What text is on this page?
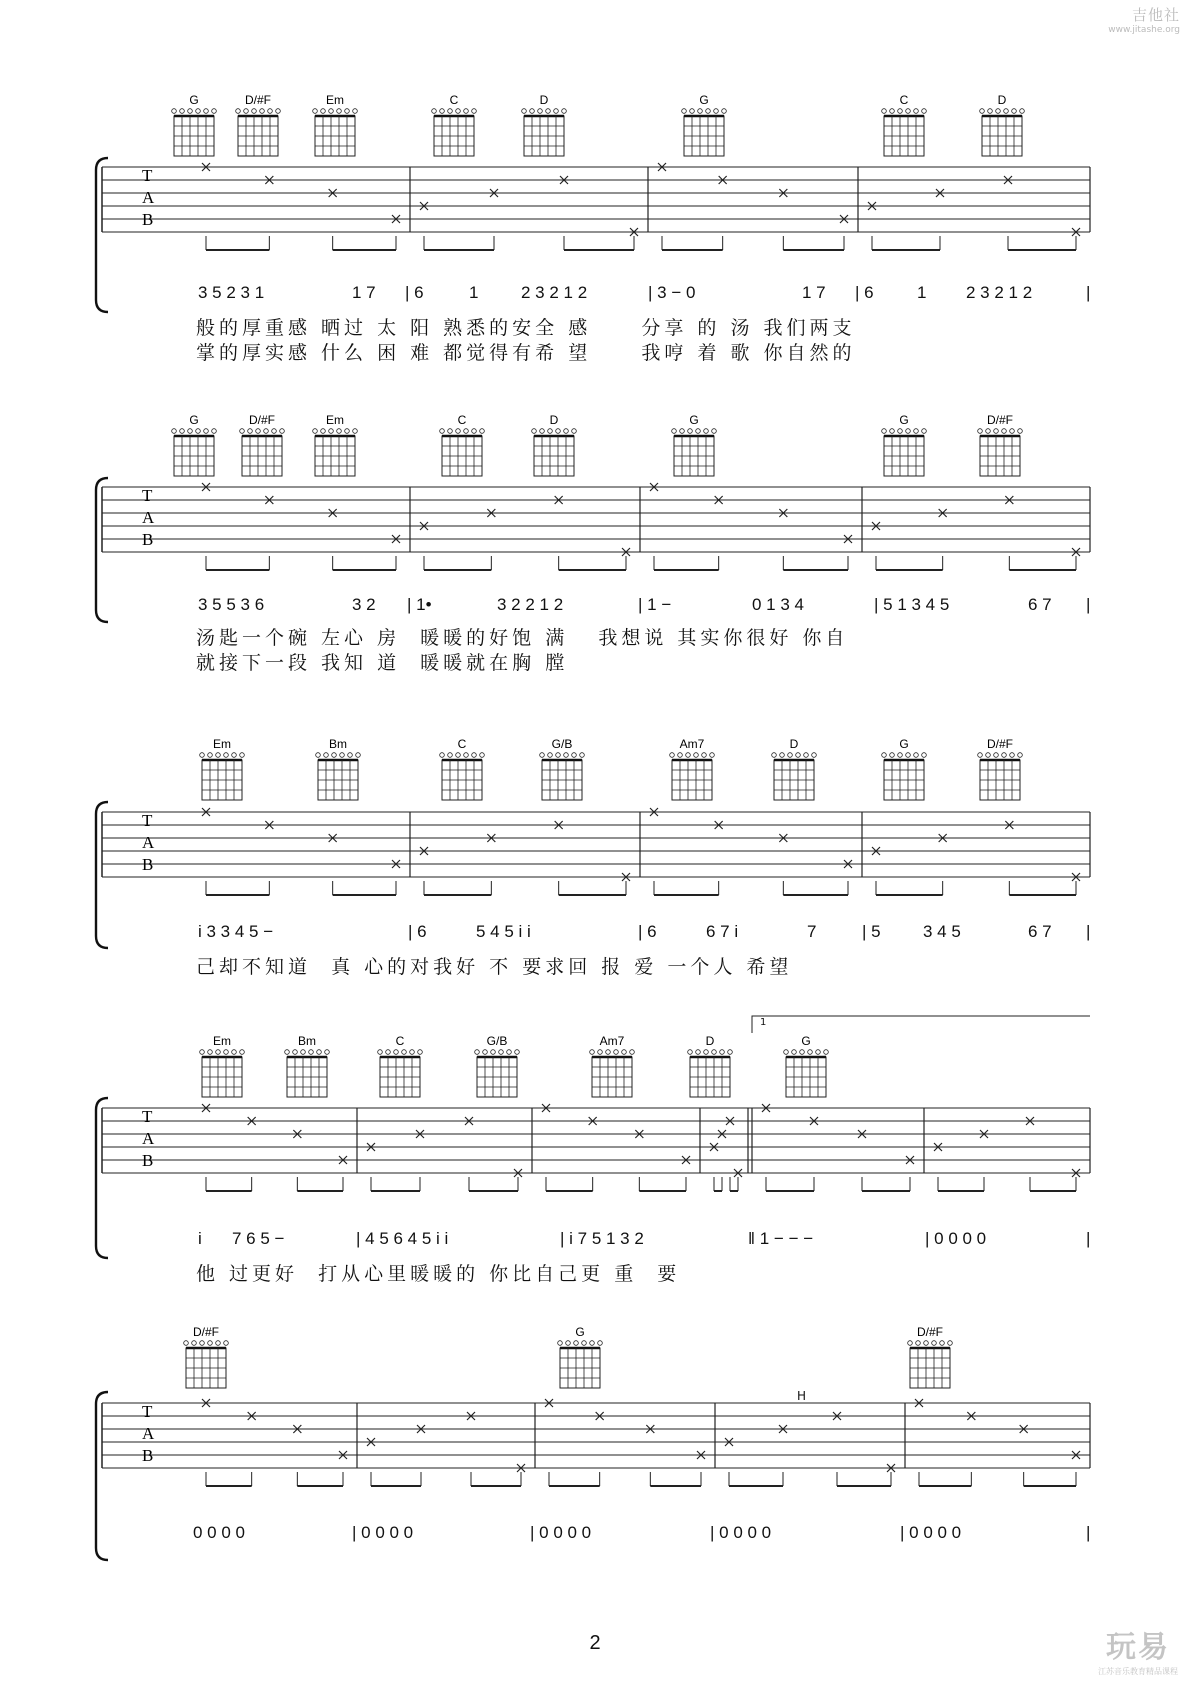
吉他社
www.jitashe.org
T
A
B
G	D/#F	Em	C	D	G	C	D
T
A
B
G	D/#F	Em	C	D	G	G	D/#F
T
A
B
Em	Bm	C	G/B	Am7	D	G	D/#F
T
A
B
Em	Bm	C	G/B	Am7	D	G
T
A
B
D/#F	G	D/#F
3 5 2 3 1	1 7 | 6	1	2 3 2 1 2	| 3 − 0	1 7 | 6	1 2 3 2 1 2	|
般的厚重感 晒过 太 阳 熟悉的安全 感     分享 的 汤 我们两支
掌的厚实感 什么 困 难 都觉得有希 望     我哼 着 歌 你自然的
3 5 5 3 6	3 2 | 1•	3 2 2 1 2	| 1 −	0 1 3 4	| 5 1 3 4 5	6 7 |
汤匙一个碗 左心 房  暖暖的好饱 满   我想说 其实你很好 你自
就接下一段 我知 道  暖暖就在胸 膛
i 3 3 4 5 −	| 6	5 4 5 i i	| 6	6 7 i	7	| 5 3 4 5	6 7 |
己却不知道  真 心的对我好 不 要求回 报 爱 一个人 希望
1
i 7 6 5 −	| 4 5 6 4 5 i i	| i 7 5 1 3 2	‖ 1 − − −	| 0 0 0 0	|
他 过更好  打从心里暖暖的 你比自己更 重  要
H
0 0 0 0	| 0 0 0 0	| 0 0 0 0	| 0 0 0 0	| 0 0 0 0	|
2	玩易
江苏音乐教育精品课程
